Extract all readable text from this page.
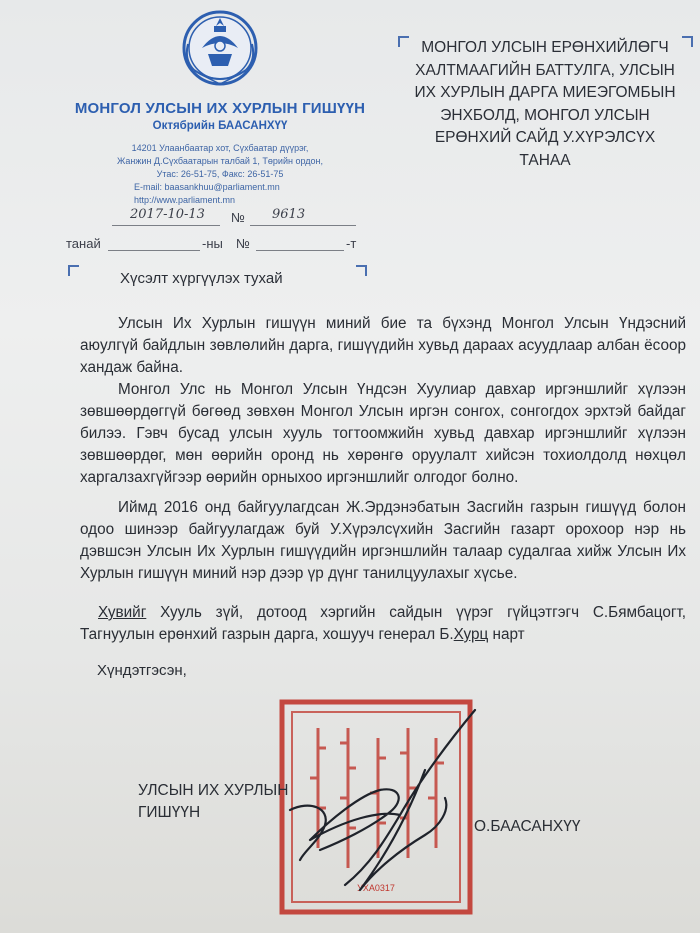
МОНГОЛ УЛСЫН ИХ ХУРЛЫН ГИШҮҮН
Октябрийн БААСАНХҮҮ
14201 Улаанбаатар хот, Сүхбаатар дүүрэг,
Жанжин Д.Сүхбаатарын талбай 1, Төрийн ордон,
Утас: 26-51-75, Факс: 26-51-75
E-mail: baasankhuu@parliament.mn
http://www.parliament.mn
МОНГОЛ УЛСЫН ЕРӨНХИЙЛӨГЧ
ХАЛТМААГИЙН БАТТУЛГА, УЛСЫН
ИХ ХУРЛЫН ДАРГА МИЕЭГОМБЫН
ЭНХБОЛД, МОНГОЛ УЛСЫН
ЕРӨНХИЙ САЙД У.ХҮРЭЛСҮХ
ТАНАА
2017-10-13 № 9613
танай	-ны №	-т
Хүсэлт хүргүүлэх тухай
Улсын Их Хурлын гишүүн миний бие та бүхэнд Монгол Улсын Үндэсний аюулгүй байдлын зөвлөлийн дарга, гишүүдийн хувьд дараах асуудлаар албан ёсоор хандаж байна.
Монгол Улс нь Монгол Улсын Үндсэн Хуулиар давхар иргэншлийг хүлээн зөвшөөрдөггүй бөгөөд зөвхөн Монгол Улсын иргэн сонгох, сонгогдох эрхтэй байдаг билээ. Гэвч бусад улсын хууль тогтоомжийн хувьд давхар иргэншлийг хүлээн зөвшөөрдөг, мөн өөрийн оронд нь хөрөнгө оруулалт хийсэн тохиолдолд нөхцөл харгалзахгүйгээр өөрийн орныхоо иргэншлийг олгодог болно.
Иймд 2016 онд байгуулагдсан Ж.Эрдэнэбатын Засгийн газрын гишүүд болон одоо шинээр байгуулагдаж буй У.Хүрэлсүхийн Засгийн газарт орохоор нэр нь дэвшсэн Улсын Их Хурлын гишүүдийн иргэншлийн талаар судалгаа хийж Улсын Их Хурлын гишүүн миний нэр дээр үр дүнг танилцуулахыг хүсье.
Хувийг Хууль зүй, дотоод хэргийн сайдын үүрэг гүйцэтгэгч С.Бямбацогт, Тагнуулын ерөнхий газрын дарга, хошууч генерал Б.Хурц нарт
Хүндэтгэсэн,
УХА0317
УЛСЫН ИХ ХУРЛЫН
ГИШҮҮН
О.БААСАНХҮҮ
